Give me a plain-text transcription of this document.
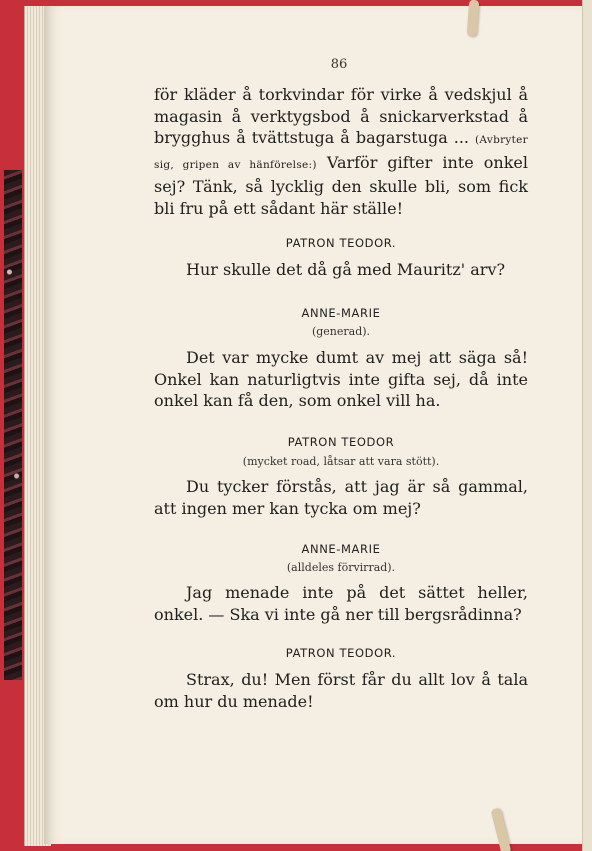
86
för kläder å torkvindar för virke å vedskjul å magasin å verktygsbod å snickarverkstad å brygghus å tvättstuga å bagarstuga ... (Avbryter sig, gripen av hänförelse:) Varför gifter inte onkel sej? Tänk, så lycklig den skulle bli, som fick bli fru på ett sådant här ställe!
PATRON TEODOR.
Hur skulle det då gå med Mauritz' arv?
ANNE-MARIE
(generad).
Det var mycke dumt av mej att säga så! Onkel kan naturligtvis inte gifta sej, då inte onkel kan få den, som onkel vill ha.
PATRON TEODOR
(mycket road, låtsar att vara stött).
Du tycker förstås, att jag är så gammal, att ingen mer kan tycka om mej?
ANNE-MARIE
(alldeles förvirrad).
Jag menade inte på det sättet heller, onkel. — Ska vi inte gå ner till bergsrådinna?
PATRON TEODOR.
Strax, du! Men först får du allt lov å tala om hur du menade!
